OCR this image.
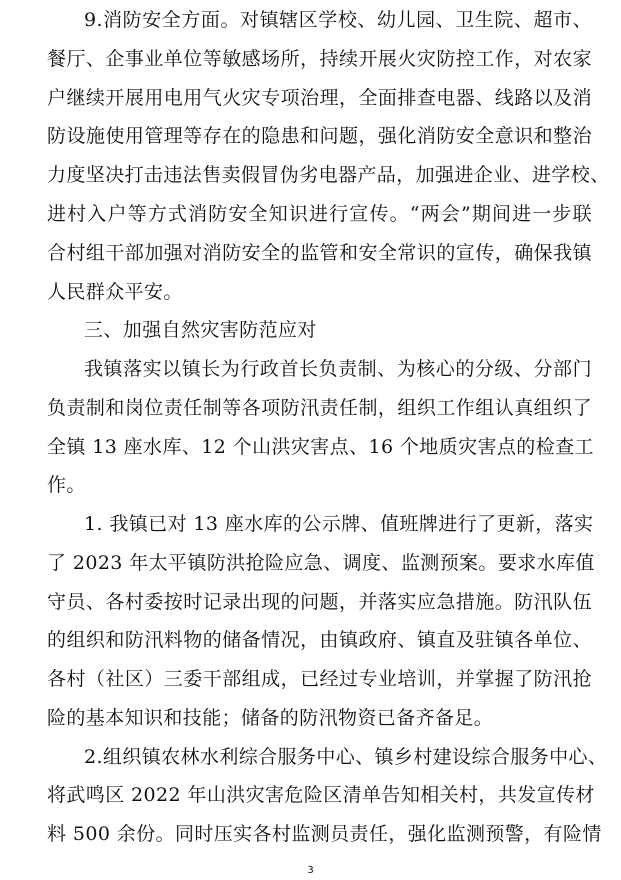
9.消防安全方面。对镇辖区学校、幼儿园、卫生院、超市、
餐厅、企事业单位等敏感场所，持续开展火灾防控工作，对农家
户继续开展用电用气火灾专项治理，全面排查电器、线路以及消
防设施使用管理等存在的隐患和问题，强化消防安全意识和整治
力度坚决打击违法售卖假冒伪劣电器产品，加强进企业、进学校、
进村入户等方式消防安全知识进行宣传。“两会”期间进一步联
合村组干部加强对消防安全的监管和安全常识的宣传，确保我镇
人民群众平安。
三、加强自然灾害防范应对
我镇落实以镇长为行政首长负责制、为核心的分级、分部门
负责制和岗位责任制等各项防汛责任制，组织工作组认真组织了
全镇 13 座水库、12 个山洪灾害点、16 个地质灾害点的检查工
作。
1. 我镇已对 13 座水库的公示牌、值班牌进行了更新，落实
了 2023 年太平镇防洪抢险应急、调度、监测预案。要求水库值
守员、各村委按时记录出现的问题，并落实应急措施。防汛队伍
的组织和防汛料物的储备情况，由镇政府、镇直及驻镇各单位、
各村（社区）三委干部组成，已经过专业培训，并掌握了防汛抢
险的基本知识和技能；储备的防汛物资已备齐备足。
2.组织镇农林水利综合服务中心、镇乡村建设综合服务中心、
将武鸣区 2022 年山洪灾害危险区清单告知相关村，共发宣传材
料 500 余份。同时压实各村监测员责任，强化监测预警，有险情
3
